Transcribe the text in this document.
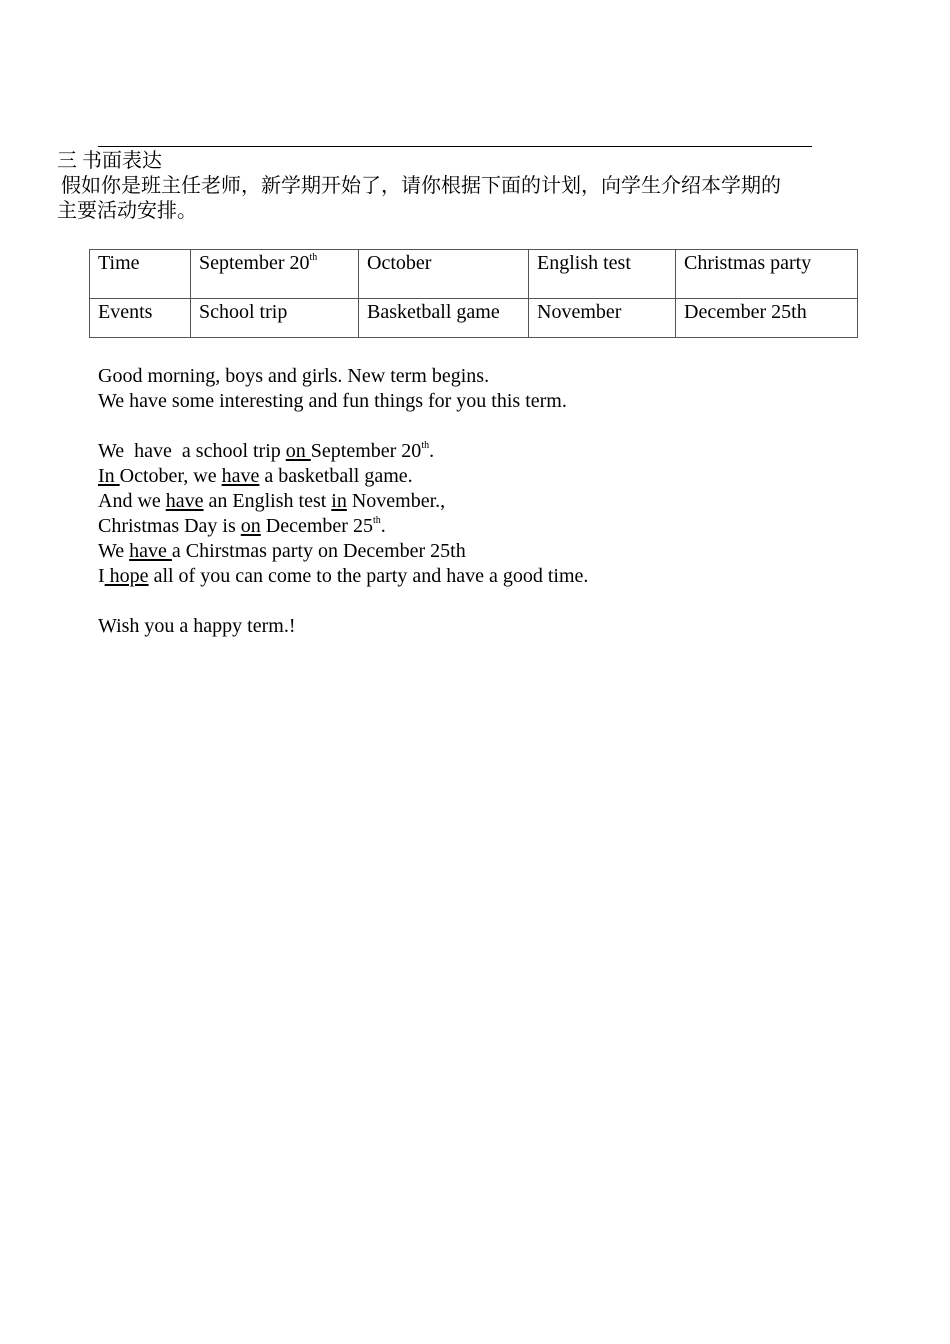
三 书面表达
假如你是班主任老师，新学期开始了，请你根据下面的计划，向学生介绍本学期的
主要活动安排。
Time	September 20th	October	English test	Christmas party
Events	School trip	Basketball game	November	December 25th

Good morning, boys and girls. New term begins.

We have some interesting and fun things for you this term.

We  have  a school trip on September 20th.

In October, we have a basketball game.

And we have an English test in November.,

Christmas Day is on December 25th.

We have a Chirstmas party on December 25th

I hope all of you can come to the party and have a good time.

Wish you a happy term.!
